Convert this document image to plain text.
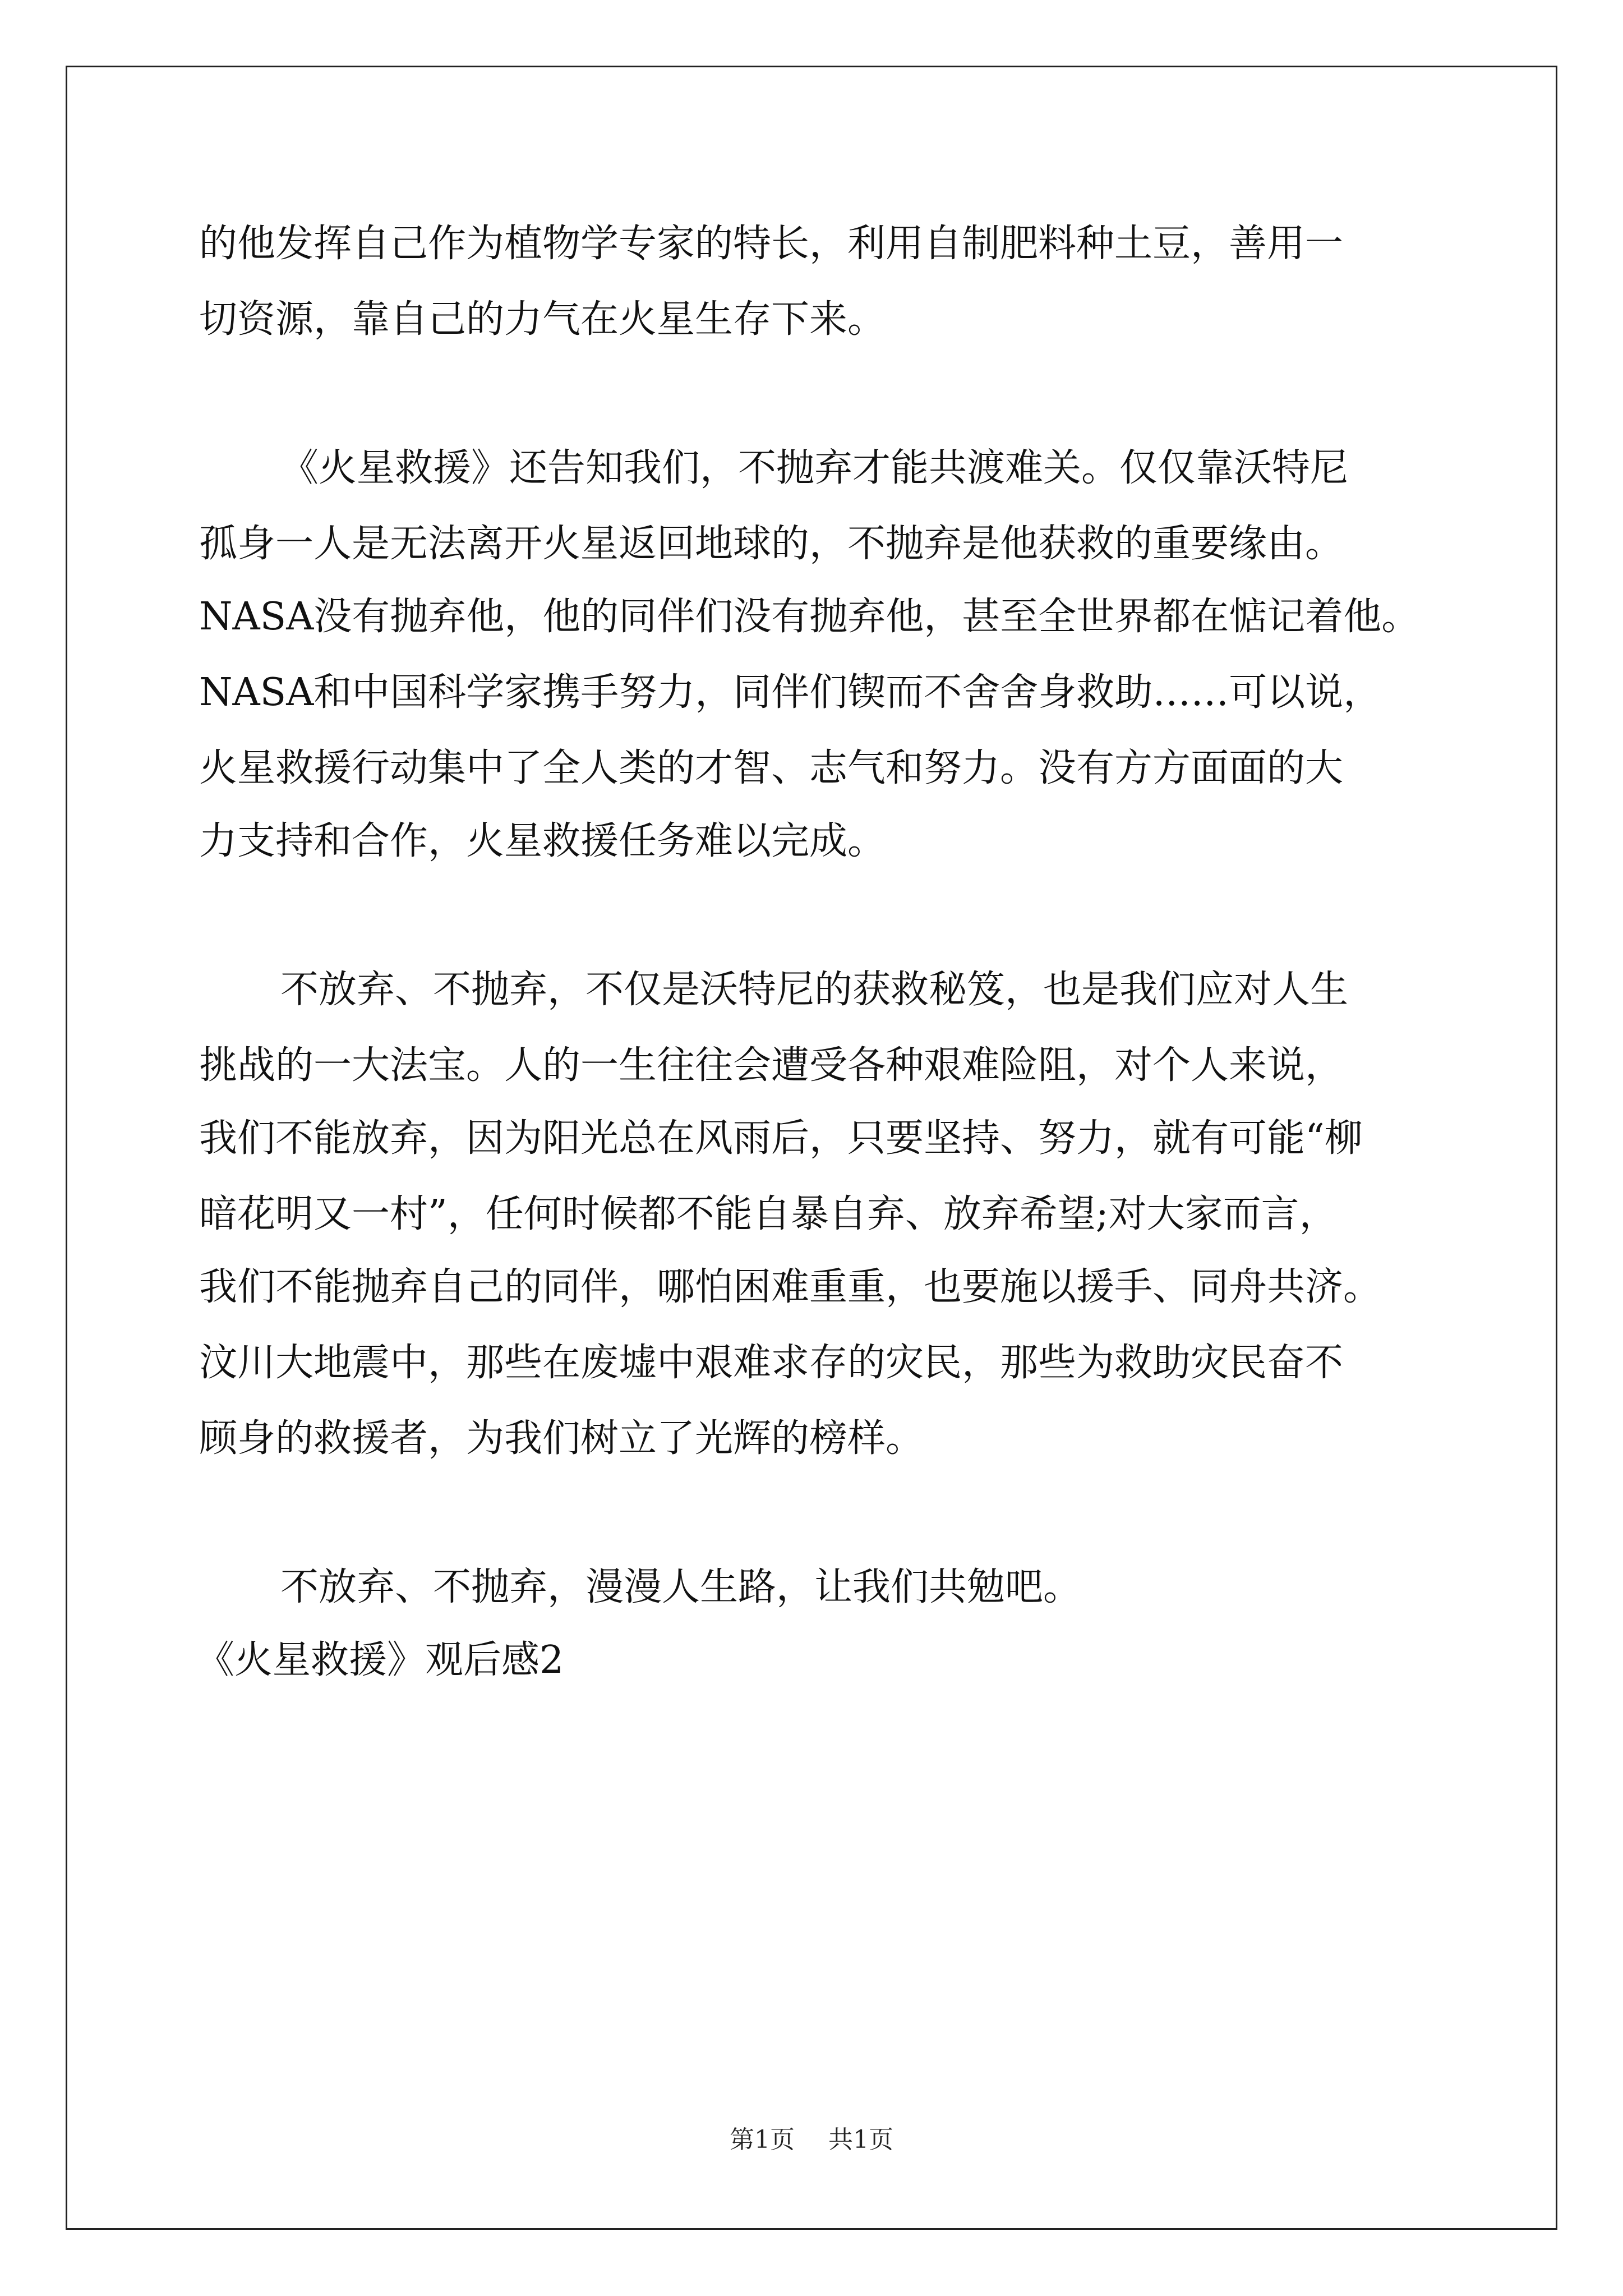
的他发挥自己作为植物学专家的特长，利用自制肥料种土豆，善用一
切资源，靠自己的力气在火星生存下来。
《火星救援》还告知我们，不抛弃才能共渡难关。仅仅靠沃特尼
孤身一人是无法离开火星返回地球的，不抛弃是他获救的重要缘由。
NASA没有抛弃他，他的同伴们没有抛弃他，甚至全世界都在惦记着他。
NASA和中国科学家携手努力，同伴们锲而不舍舍身救助……可以说，
火星救援行动集中了全人类的才智、志气和努力。没有方方面面的大
力支持和合作，火星救援任务难以完成。
不放弃、不抛弃，不仅是沃特尼的获救秘笈，也是我们应对人生
挑战的一大法宝。人的一生往往会遭受各种艰难险阻，对个人来说，
我们不能放弃，因为阳光总在风雨后，只要坚持、努力，就有可能“柳
暗花明又一村”，任何时候都不能自暴自弃、放弃希望;对大家而言，
我们不能抛弃自己的同伴，哪怕困难重重，也要施以援手、同舟共济。
汶川大地震中，那些在废墟中艰难求存的灾民，那些为救助灾民奋不
顾身的救援者，为我们树立了光辉的榜样。
不放弃、不抛弃，漫漫人生路，让我们共勉吧。
《火星救援》观后感2
第1页 共1页
